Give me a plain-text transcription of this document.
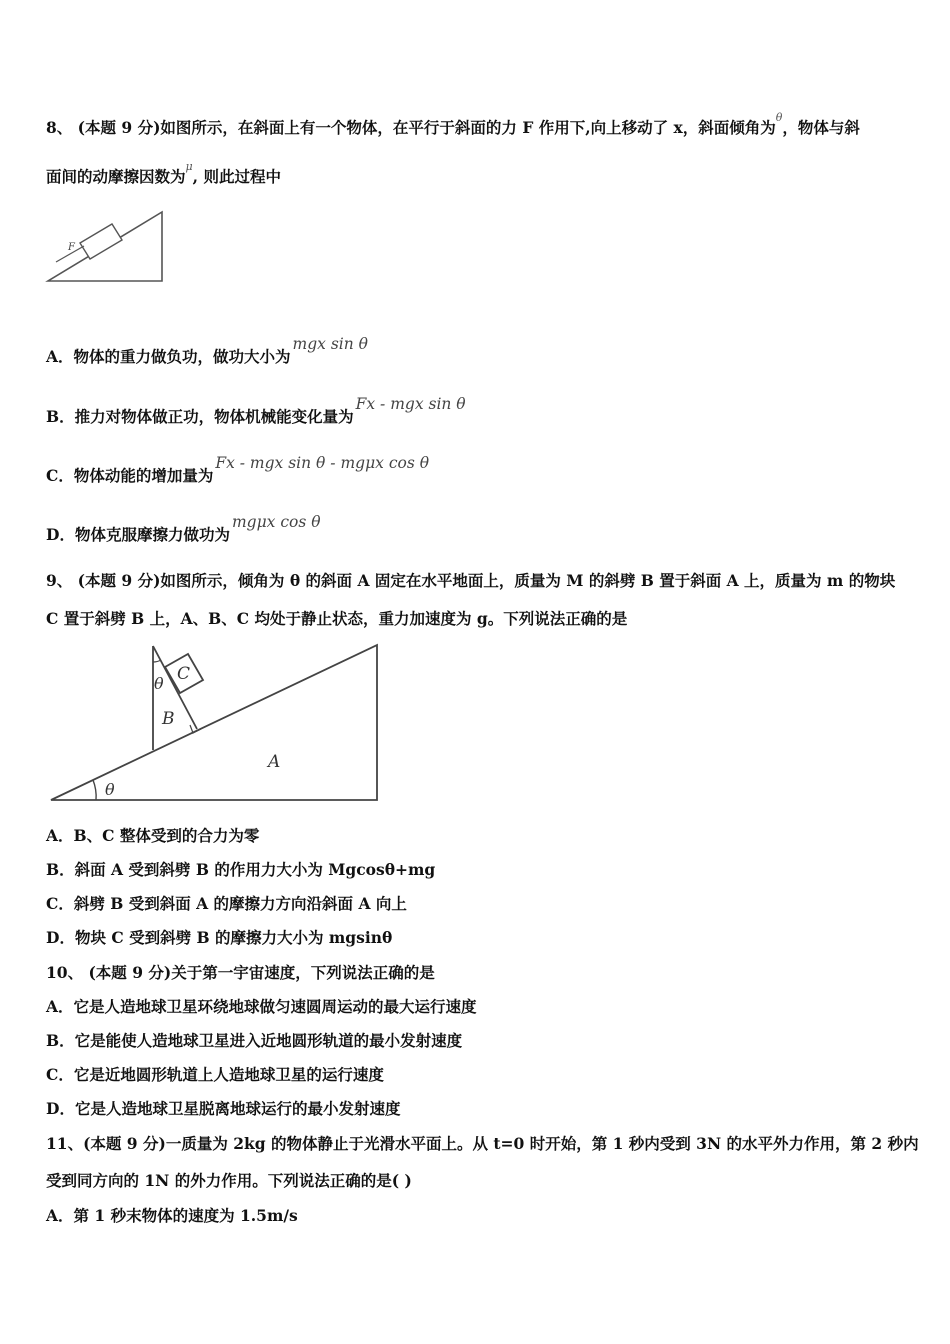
8、 (本题 9 分)如图所示，在斜面上有一个物体，在平行于斜面的力 F 作用下,向上移动了 x，斜面倾角为$^\theta$，物体与斜
面间的动摩擦因数为$^\mu$, 则此过程中
F
A．物体的重力做负功，做功大小为mgx sin θ
B．推力对物体做正功，物体机械能变化量为Fx - mgx sin θ
C．物体动能的增加量为Fx - mgx sin θ - mgμx cos θ
D．物体克服摩擦力做功为mgμx cos θ
9、 (本题 9 分)如图所示，倾角为 θ 的斜面 A 固定在水平地面上，质量为 M 的斜劈 B 置于斜面 A 上，质量为 m 的物块
C 置于斜劈 B 上，A、B、C 均处于静止状态，重力加速度为 g。下列说法正确的是
C
θ
B
A
θ
A．B、C 整体受到的合力为零
B．斜面 A 受到斜劈 B 的作用力大小为 Mgcosθ+mg
C．斜劈 B 受到斜面 A 的摩擦力方向沿斜面 A 向上
D．物块 C 受到斜劈 B 的摩擦力大小为 mgsinθ
10、 (本题 9 分)关于第一宇宙速度，下列说法正确的是
A．它是人造地球卫星环绕地球做匀速圆周运动的最大运行速度
B．它是能使人造地球卫星进入近地圆形轨道的最小发射速度
C．它是近地圆形轨道上人造地球卫星的运行速度
D．它是人造地球卫星脱离地球运行的最小发射速度
11、(本题 9 分)一质量为 2kg 的物体静止于光滑水平面上。从 t=0 时开始，第 1 秒内受到 3N 的水平外力作用，第 2 秒内
受到同方向的 1N 的外力作用。下列说法正确的是( )
A．第 1 秒末物体的速度为 1.5m/s
